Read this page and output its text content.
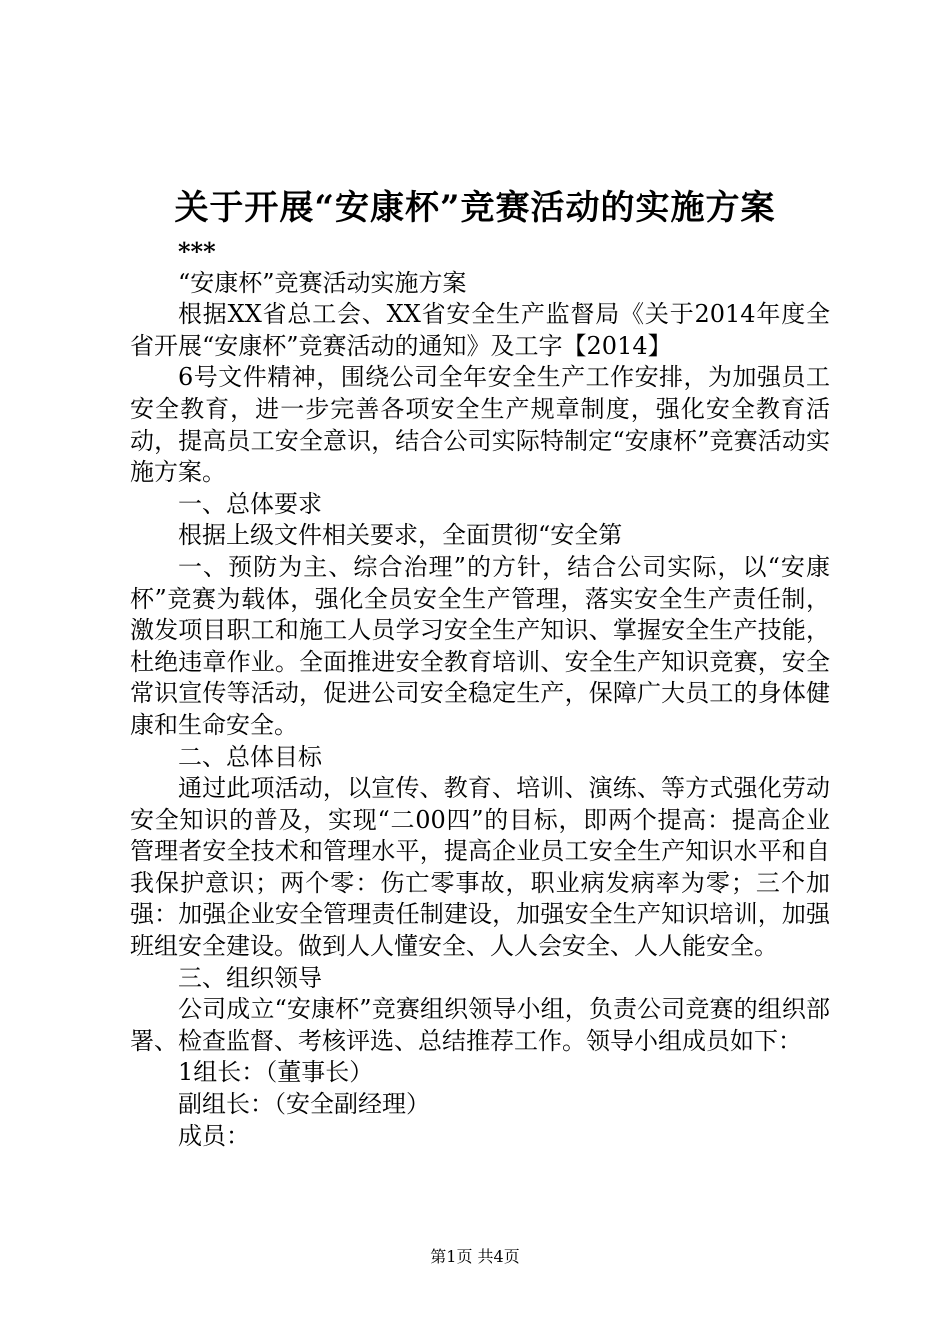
关于开展“安康杯”竞赛活动的实施方案

***

“安康杯”竞赛活动实施方案

根据XX省总工会、XX省安全生产监督局《关于2014年度全省开展“安康杯”竞赛活动的通知》及工字【2014】

6号文件精神，围绕公司全年安全生产工作安排，为加强员工安全教育，进一步完善各项安全生产规章制度，强化安全教育活动，提高员工安全意识，结合公司实际特制定“安康杯”竞赛活动实施方案。

一、总体要求

根据上级文件相关要求，全面贯彻“安全第

一、预防为主、综合治理”的方针，结合公司实际，以“安康杯”竞赛为载体，强化全员安全生产管理，落实安全生产责任制，激发项目职工和施工人员学习安全生产知识、掌握安全生产技能，杜绝违章作业。全面推进安全教育培训、安全生产知识竞赛，安全常识宣传等活动，促进公司安全稳定生产，保障广大员工的身体健康和生命安全。

二、总体目标

通过此项活动，以宣传、教育、培训、演练、等方式强化劳动安全知识的普及，实现“二00四”的目标，即两个提高：提高企业管理者安全技术和管理水平，提高企业员工安全生产知识水平和自我保护意识；两个零：伤亡零事故，职业病发病率为零；三个加强：加强企业安全管理责任制建设，加强安全生产知识培训，加强班组安全建设。做到人人懂安全、人人会安全、人人能安全。

三、组织领导

公司成立“安康杯”竞赛组织领导小组，负责公司竞赛的组织部署、检查监督、考核评选、总结推荐工作。领导小组成员如下：

1组长：（董事长）

副组长：（安全副经理）

成员：

第1页 共4页
